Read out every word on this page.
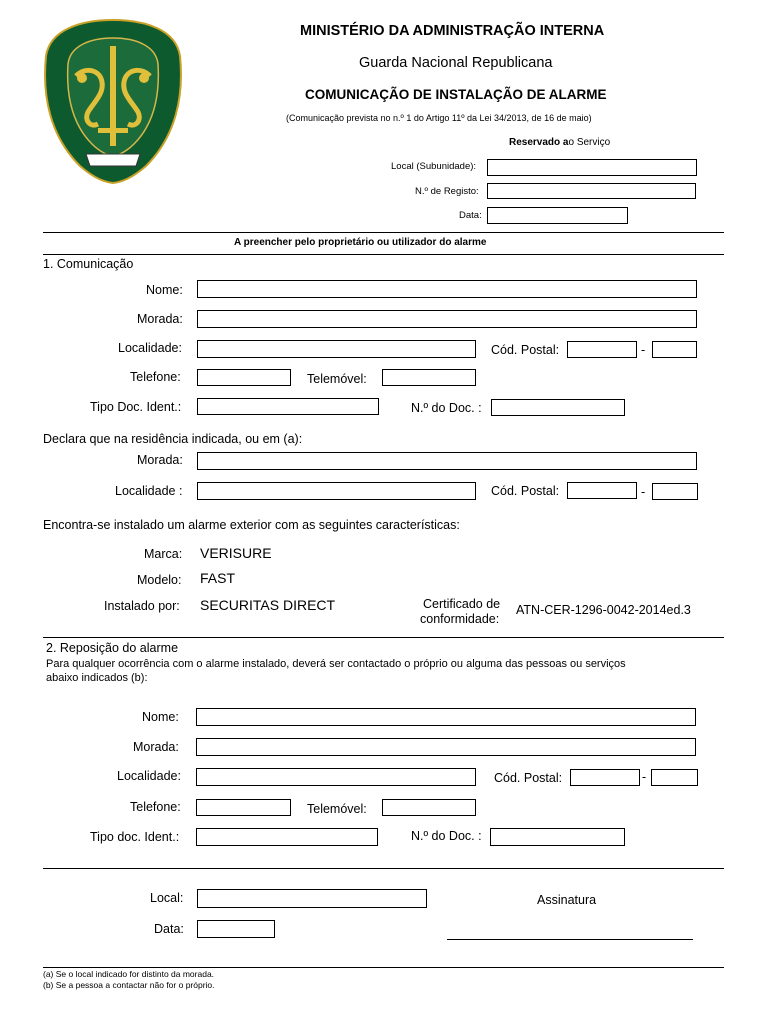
MINISTÉRIO DA ADMINISTRAÇÃO INTERNA
Guarda Nacional Republicana
COMUNICAÇÃO DE INSTALAÇÃO DE ALARME
(Comunicação prevista no n.º 1 do Artigo 11º da Lei 34/2013, de 16 de maio)
Reservado ao Serviço
Local (Subunidade):
N.º de Registo:
Data:
A preencher pelo proprietário ou utilizador do alarme
1. Comunicação
Nome:
Morada:
Localidade:	Cód. Postal:	-
Telefone:	Telemóvel:
Tipo Doc. Ident.:	N.º do Doc. :
Declara que na residência indicada, ou em (a):
Morada:
Localidade :	Cód. Postal:	-
Encontra-se instalado um alarme exterior com as seguintes características:
Marca: VERISURE
Modelo: FAST
Instalado por: SECURITAS DIRECT	Certificado de
conformidade:
ATN-CER-1296-0042-2014ed.3
2. Reposição do alarme
Para qualquer ocorrência com o alarme instalado, deverá ser contactado o próprio ou alguma das pessoas ou serviços
abaixo indicados (b):
Nome:
Morada:
Localidade:	Cód. Postal:	-
Telefone:	Telemóvel:
Tipo doc. Ident.:	N.º do Doc. :
Local:	Assinatura
Data:
(a) Se o local indicado for distinto da morada.
(b) Se a pessoa a contactar não for o próprio.
